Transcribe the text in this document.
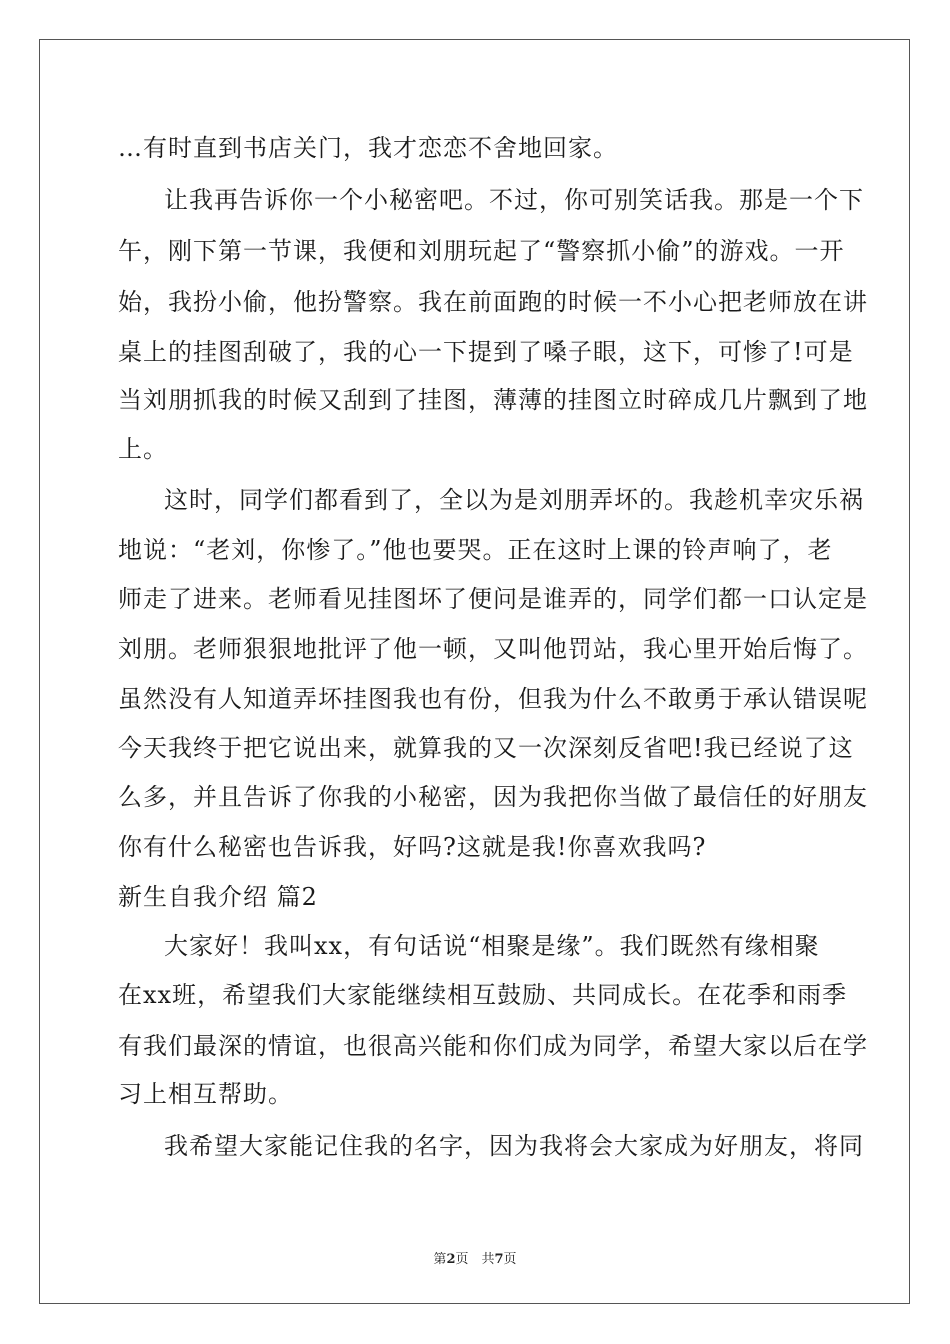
…有时直到书店关门，我才恋恋不舍地回家。
让我再告诉你一个小秘密吧。不过，你可别笑话我。那是一个下
午，刚下第一节课，我便和刘朋玩起了“警察抓小偷”的游戏。一开
始，我扮小偷，他扮警察。我在前面跑的时候一不小心把老师放在讲
桌上的挂图刮破了，我的心一下提到了嗓子眼，这下，可惨了!可是
当刘朋抓我的时候又刮到了挂图，薄薄的挂图立时碎成几片飘到了地
上。
这时，同学们都看到了，全以为是刘朋弄坏的。我趁机幸灾乐祸
地说：“老刘，你惨了。”他也要哭。正在这时上课的铃声响了，老
师走了进来。老师看见挂图坏了便问是谁弄的，同学们都一口认定是
刘朋。老师狠狠地批评了他一顿，又叫他罚站，我心里开始后悔了。
虽然没有人知道弄坏挂图我也有份，但我为什么不敢勇于承认错误呢
今天我终于把它说出来，就算我的又一次深刻反省吧!我已经说了这
么多，并且告诉了你我的小秘密，因为我把你当做了最信任的好朋友
你有什么秘密也告诉我，好吗?这就是我!你喜欢我吗?
新生自我介绍 篇2
大家好！我叫xx，有句话说“相聚是缘”。我们既然有缘相聚
在xx班，希望我们大家能继续相互鼓励、共同成长。在花季和雨季
有我们最深的情谊，也很高兴能和你们成为同学，希望大家以后在学
习上相互帮助。
我希望大家能记住我的名字，因为我将会大家成为好朋友，将同
第2页　共7页
